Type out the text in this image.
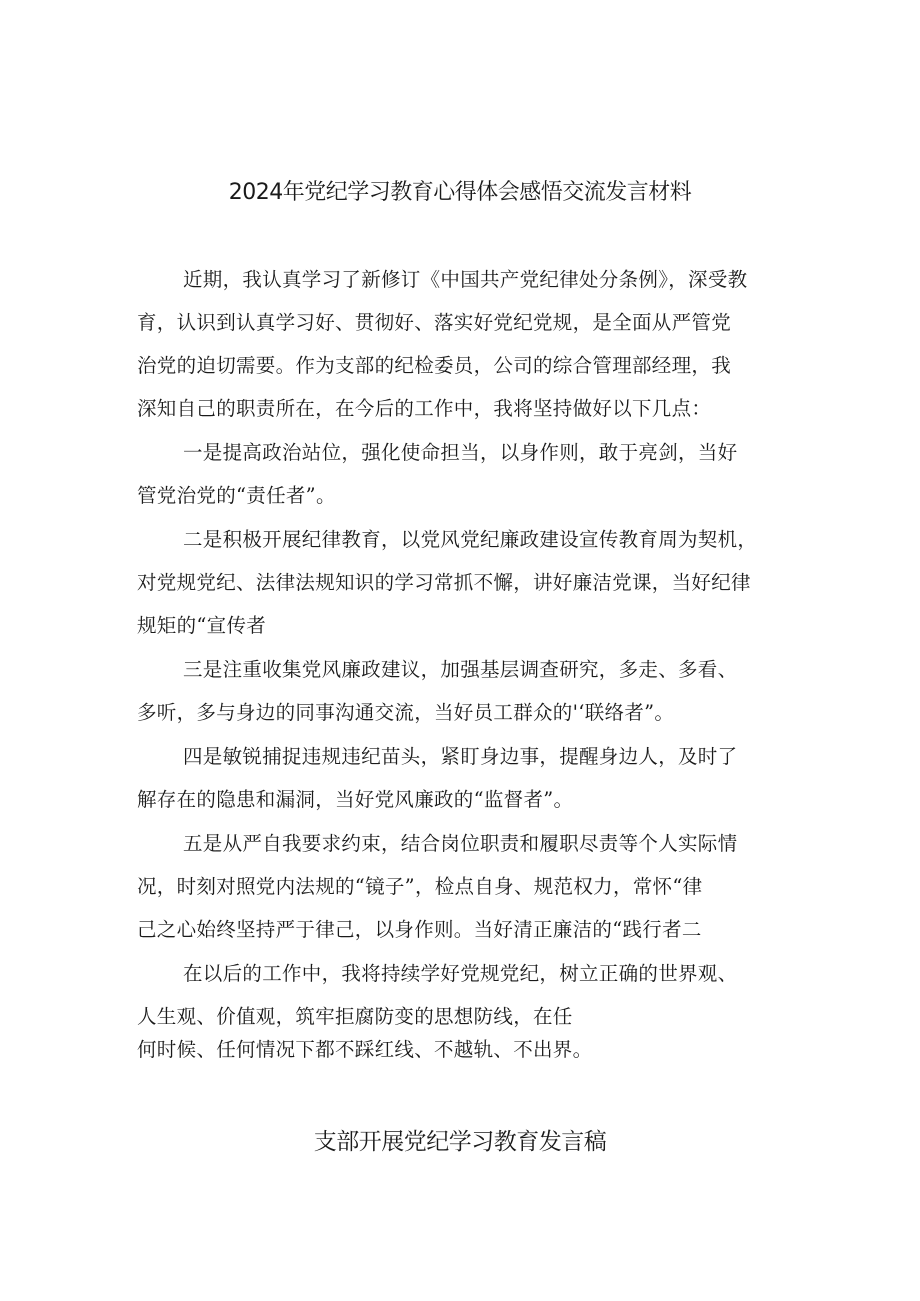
2024年党纪学习教育心得体会感悟交流发言材料
近期，我认真学习了新修订《中国共产党纪律处分条例》，深受教
育，认识到认真学习好、贯彻好、落实好党纪党规，是全面从严管党
治党的迫切需要。作为支部的纪检委员，公司的综合管理部经理，我
深知自己的职责所在，在今后的工作中，我将坚持做好以下几点：
一是提高政治站位，强化使命担当，以身作则，敢于亮剑，当好
管党治党的“责任者”。
二是积极开展纪律教育，以党风党纪廉政建设宣传教育周为契机，
对党规党纪、法律法规知识的学习常抓不懈，讲好廉洁党课，当好纪律
规矩的“宣传者
三是注重收集党风廉政建议，加强基层调查研究，多走、多看、
多听，多与身边的同事沟通交流，当好员工群众的'‘联络者”。
四是敏锐捕捉违规违纪苗头，紧盯身边事，提醒身边人，及时了
解存在的隐患和漏洞，当好党风廉政的“监督者”。
五是从严自我要求约束，结合岗位职责和履职尽责等个人实际情
况，时刻对照党内法规的“镜子”，检点自身、规范权力，常怀“律
己之心始终坚持严于律己，以身作则。当好清正廉洁的“践行者二
在以后的工作中，我将持续学好党规党纪，树立正确的世界观、
人生观、价值观，筑牢拒腐防变的思想防线，在任
何时候、任何情况下都不踩红线、不越轨、不出界。
支部开展党纪学习教育发言稿
